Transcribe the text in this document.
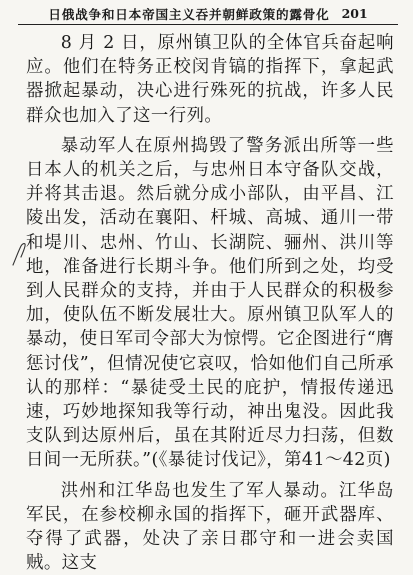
日俄战争和日本帝国主义吞并朝鲜政策的露骨化 201

8 月 2 日，原州镇卫队的全体官兵奋起响应。他们在特务正校闵肯镐的指挥下，拿起武器掀起暴动，决心进行殊死的抗战，许多人民群众也加入了这一行列。

暴动军人在原州捣毁了警务派出所等一些日本人的机关之后，与忠州日本守备队交战，并将其击退。然后就分成小部队，由平昌、江陵出发，活动在襄阳、杆城、高城、通川一带和堤川、忠州、竹山、长湖院、骊州、洪川等地，准备进行长期斗争。他们所到之处，均受到人民群众的支持，并由于人民群众的积极参加，使队伍不断发展壮大。原州镇卫队军人的暴动，使日军司令部大为惊愕。它企图进行“膺惩讨伐”，但情况使它哀叹，恰如他们自己所承认的那样：“暴徒受土民的庇护，情报传递迅速，巧妙地探知我等行动，神出鬼没。因此我支队到达原州后，虽在其附近尽力扫荡，但数日间一无所获。”(《暴徒讨伐记》，第41～42页)

洪州和江华岛也发生了军人暴动。江华岛军民，在参校柳永国的指挥下，砸开武器库、夺得了武器，处决了亲日郡守和一进会卖国贼。这支
